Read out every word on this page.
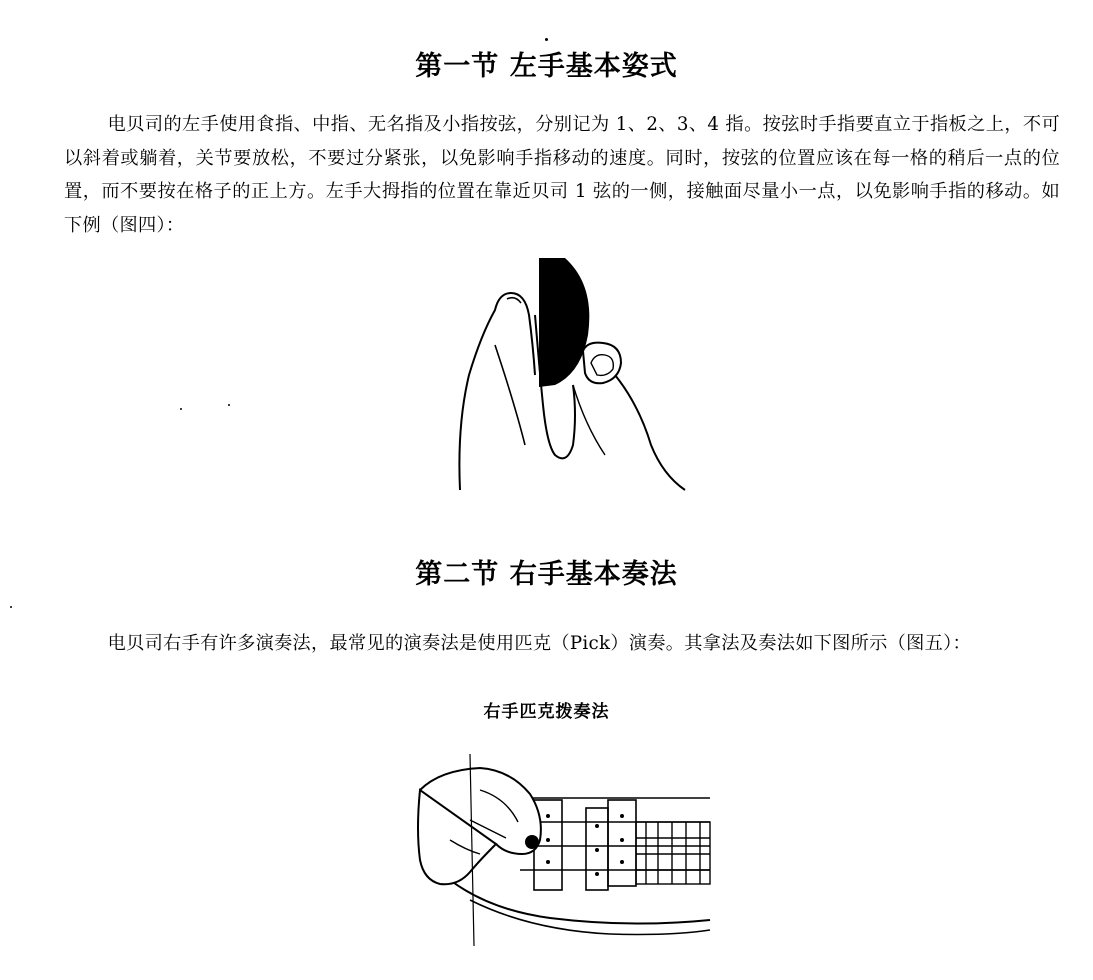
第一节 左手基本姿式
电贝司的左手使用食指、中指、无名指及小指按弦，分别记为 1、2、3、4 指。按弦时手指要直立于指板之上，不可以斜着或躺着，关节要放松，不要过分紧张，以免影响手指移动的速度。同时，按弦的位置应该在每一格的稍后一点的位置，而不要按在格子的正上方。左手大拇指的位置在靠近贝司 1 弦的一侧，接触面尽量小一点，以免影响手指的移动。如下例（图四）：
第二节 右手基本奏法
电贝司右手有许多演奏法，最常见的演奏法是使用匹克（Pick）演奏。其拿法及奏法如下图所示（图五）：
右手匹克拨奏法
